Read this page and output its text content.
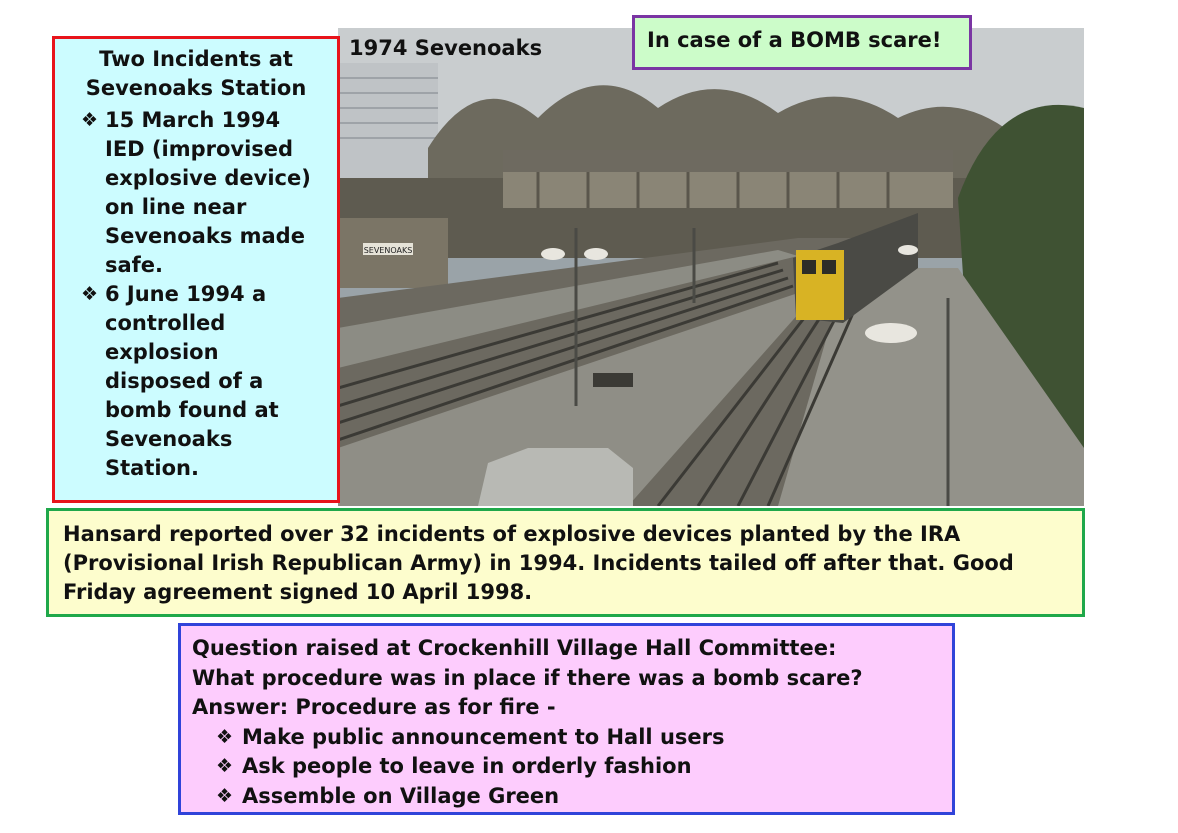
SEVENOAKS
1974 Sevenoaks	In case of a BOMB scare!
Two Incidents at Sevenoaks Station
❖ 15 March 1994 IED (improvised explosive device) on line near Sevenoaks made safe.
❖ 6 June 1994 a controlled explosion disposed of a bomb found at Sevenoaks Station.
Hansard reported over 32 incidents of explosive devices planted by the IRA (Provisional Irish Republican Army) in 1994. Incidents tailed off after that. Good Friday agreement signed 10 April 1998.
Question raised at Crockenhill Village Hall Committee:
What procedure was in place if there was a bomb scare?
Answer: Procedure as for fire -
❖ Make public announcement to Hall users
❖ Ask people to leave in orderly fashion
❖ Assemble on Village Green
